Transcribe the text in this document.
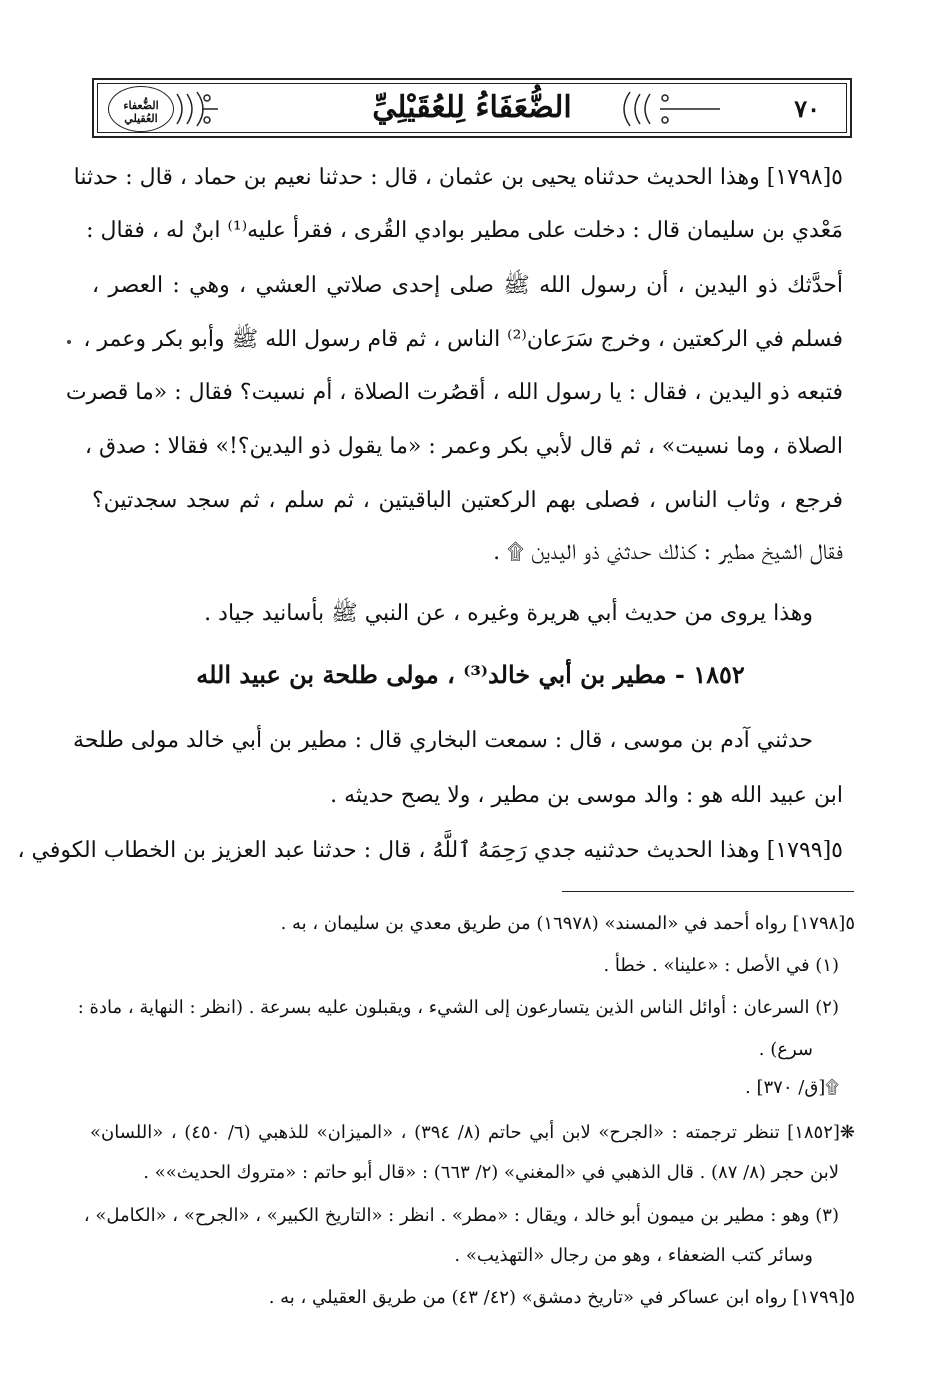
الضُّعفاء العُقيلي	الضُّعَفَاءُ لِلعُقَيْلِيِّ	٧٠
٥[١٧٩٨] وهذا الحديث حدثناه يحيى بن عثمان ، قال : حدثنا نعيم بن حماد ، قال : حدثنا
مَعْدي بن سليمان قال : دخلت على مطير بوادي القُرى ، فقرأ عليه⁽¹⁾ ابنٌ له ، فقال :
أحدَّثك ذو اليدين ، أن رسول الله ﷺ صلى إحدى صلاتي العشي ، وهي : العصر ،
فسلم في الركعتين ، وخرج سَرَعان⁽²⁾ الناس ، ثم قام رسول الله ﷺ وأبو بكر وعمر ،
فتبعه ذو اليدين ، فقال : يا رسول الله ، أقصُرت الصلاة ، أم نسيت؟ فقال : «ما قصرت
الصلاة ، وما نسيت» ، ثم قال لأبي بكر وعمر : «ما يقول ذو اليدين؟!» فقالا : صدق ،
فرجع ، وثاب الناس ، فصلى بهم الركعتين الباقيتين ، ثم سلم ، ثم سجد سجدتين؟
فقال الشيخ مطير : كذلك حدثني ذو اليدين ۩ .
وهذا يروى من حديث أبي هريرة وغيره ، عن النبي ﷺ بأسانيد جياد .
١٨٥٢ - مطير بن أبي خالد⁽³⁾ ، مولى طلحة بن عبيد الله
حدثني آدم بن موسى ، قال : سمعت البخاري قال : مطير بن أبي خالد مولى طلحة
ابن عبيد الله هو : والد موسى بن مطير ، ولا يصح حديثه .
٥[١٧٩٩] وهذا الحديث حدثنيه جدي رَحِمَهُ ٱللَّهُ ، قال : حدثنا عبد العزيز بن الخطاب الكوفي ،
٥[١٧٩٨] رواه أحمد في «المسند» (١٦٩٧٨) من طريق معدي بن سليمان ، به .
(١) في الأصل : «علينا» . خطأ .
(٢) السرعان : أوائل الناس الذين يتسارعون إلى الشيء ، ويقبلون عليه بسرعة . (انظر : النهاية ، مادة :
سرع) .
۩[ق/ ٣٧٠] .
❋[١٨٥٢] تنظر ترجمته : «الجرح» لابن أبي حاتم (٨/ ٣٩٤) ، «الميزان» للذهبي (٦/ ٤٥٠) ، «اللسان»
لابن حجر (٨/ ٨٧) . قال الذهبي في «المغني» (٢/ ٦٦٣) : «قال أبو حاتم : «متروك الحديث»» .
(٣) وهو : مطير بن ميمون أبو خالد ، ويقال : «مطر» . انظر : «التاريخ الكبير» ، «الجرح» ، «الكامل» ،
وسائر كتب الضعفاء ، وهو من رجال «التهذيب» .
٥[١٧٩٩] رواه ابن عساكر في «تاريخ دمشق» (٤٢/ ٤٣) من طريق العقيلي ، به .
